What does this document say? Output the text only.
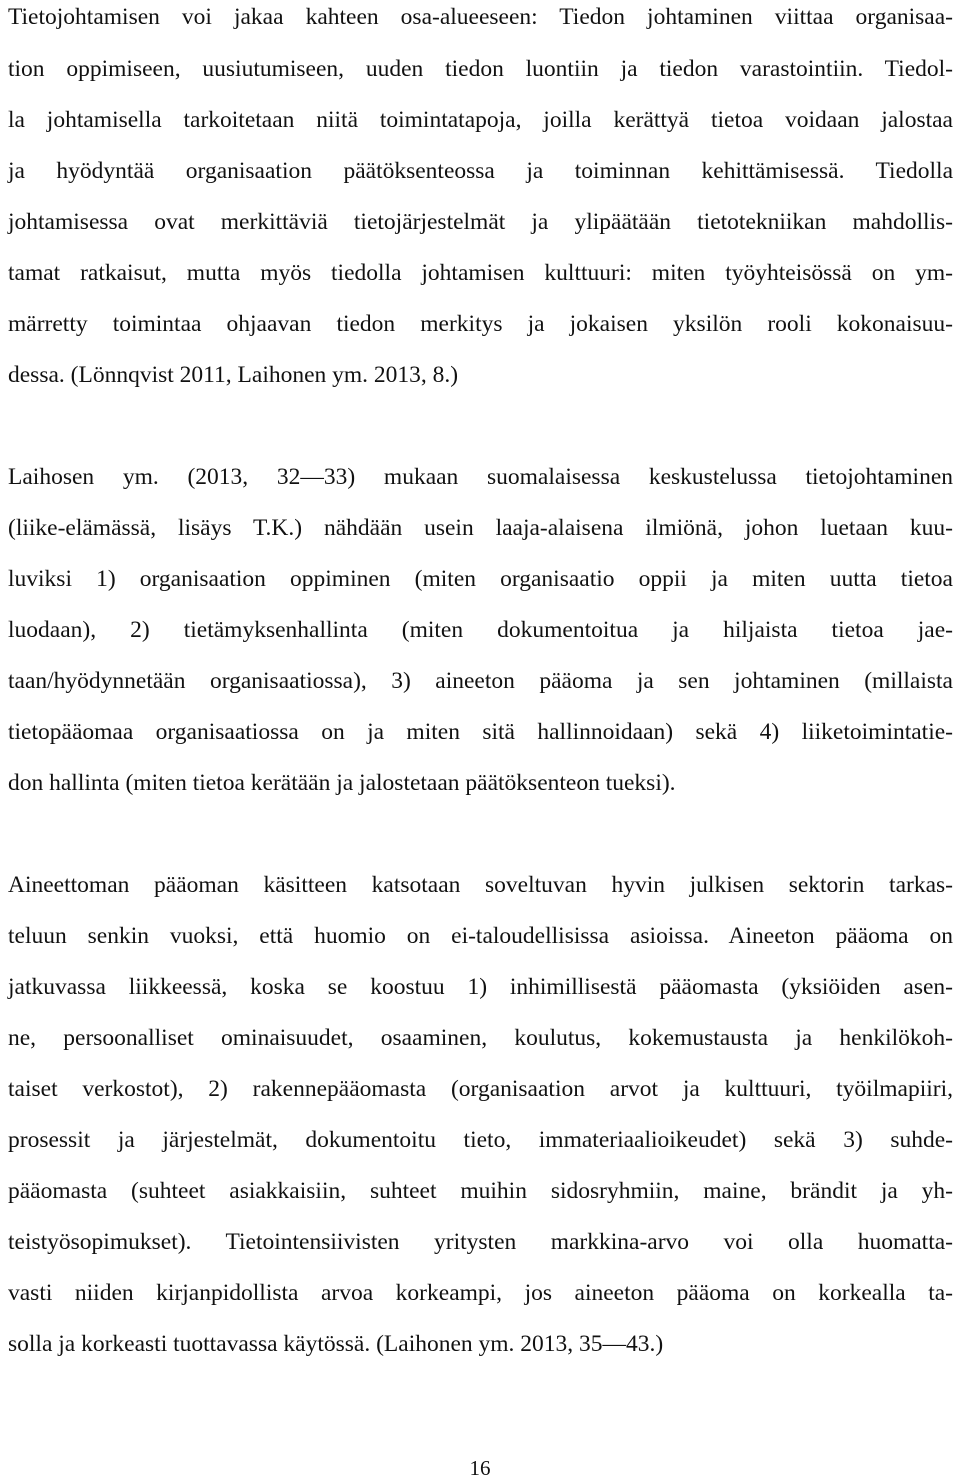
Tietojohtamisen voi jakaa kahteen osa-alueeseen: Tiedon johtaminen viittaa organisaa-

tion oppimiseen, uusiutumiseen, uuden tiedon luontiin ja tiedon varastointiin. Tiedol-

la johtamisella tarkoitetaan niitä toimintatapoja, joilla kerättyä tietoa voidaan jalostaa

ja hyödyntää organisaation päätöksenteossa ja toiminnan kehittämisessä. Tiedolla

johtamisessa ovat merkittäviä tietojärjestelmät ja ylipäätään tietotekniikan mahdollis-

tamat ratkaisut, mutta myös tiedolla johtamisen kulttuuri: miten työyhteisössä on ym-

märretty toimintaa ohjaavan tiedon merkitys ja jokaisen yksilön rooli kokonaisuu-

dessa. (Lönnqvist 2011, Laihonen ym. 2013, 8.)

Laihosen ym. (2013, 32—33) mukaan suomalaisessa keskustelussa tietojohtaminen

(liike-elämässä, lisäys T.K.) nähdään usein laaja-alaisena ilmiönä, johon luetaan kuu-

luviksi 1) organisaation oppiminen (miten organisaatio oppii ja miten uutta tietoa

luodaan), 2) tietämyksenhallinta (miten dokumentoitua ja hiljaista tietoa jae-

taan/hyödynnetään organisaatiossa), 3) aineeton pääoma ja sen johtaminen (millaista

tietopääomaa organisaatiossa on ja miten sitä hallinnoidaan) sekä 4) liiketoimintatie-

don hallinta (miten tietoa kerätään ja jalostetaan päätöksenteon tueksi).

Aineettoman pääoman käsitteen katsotaan soveltuvan hyvin julkisen sektorin tarkas-

teluun senkin vuoksi, että huomio on ei-taloudellisissa asioissa. Aineeton pääoma on

jatkuvassa liikkeessä, koska se koostuu 1) inhimillisestä pääomasta (yksiöiden asen-

ne, persoonalliset ominaisuudet, osaaminen, koulutus, kokemustausta ja henkilökoh-

taiset verkostot), 2) rakennepääomasta (organisaation arvot ja kulttuuri, työilmapiiri,

prosessit ja järjestelmät, dokumentoitu tieto, immateriaalioikeudet) sekä 3) suhde-

pääomasta (suhteet asiakkaisiin, suhteet muihin sidosryhmiin, maine, brändit ja yh-

teistyösopimukset). Tietointensiivisten yritysten markkina-arvo voi olla huomatta-

vasti niiden kirjanpidollista arvoa korkeampi, jos aineeton pääoma on korkealla ta-

solla ja korkeasti tuottavassa käytössä. (Laihonen ym. 2013, 35—43.)

16
